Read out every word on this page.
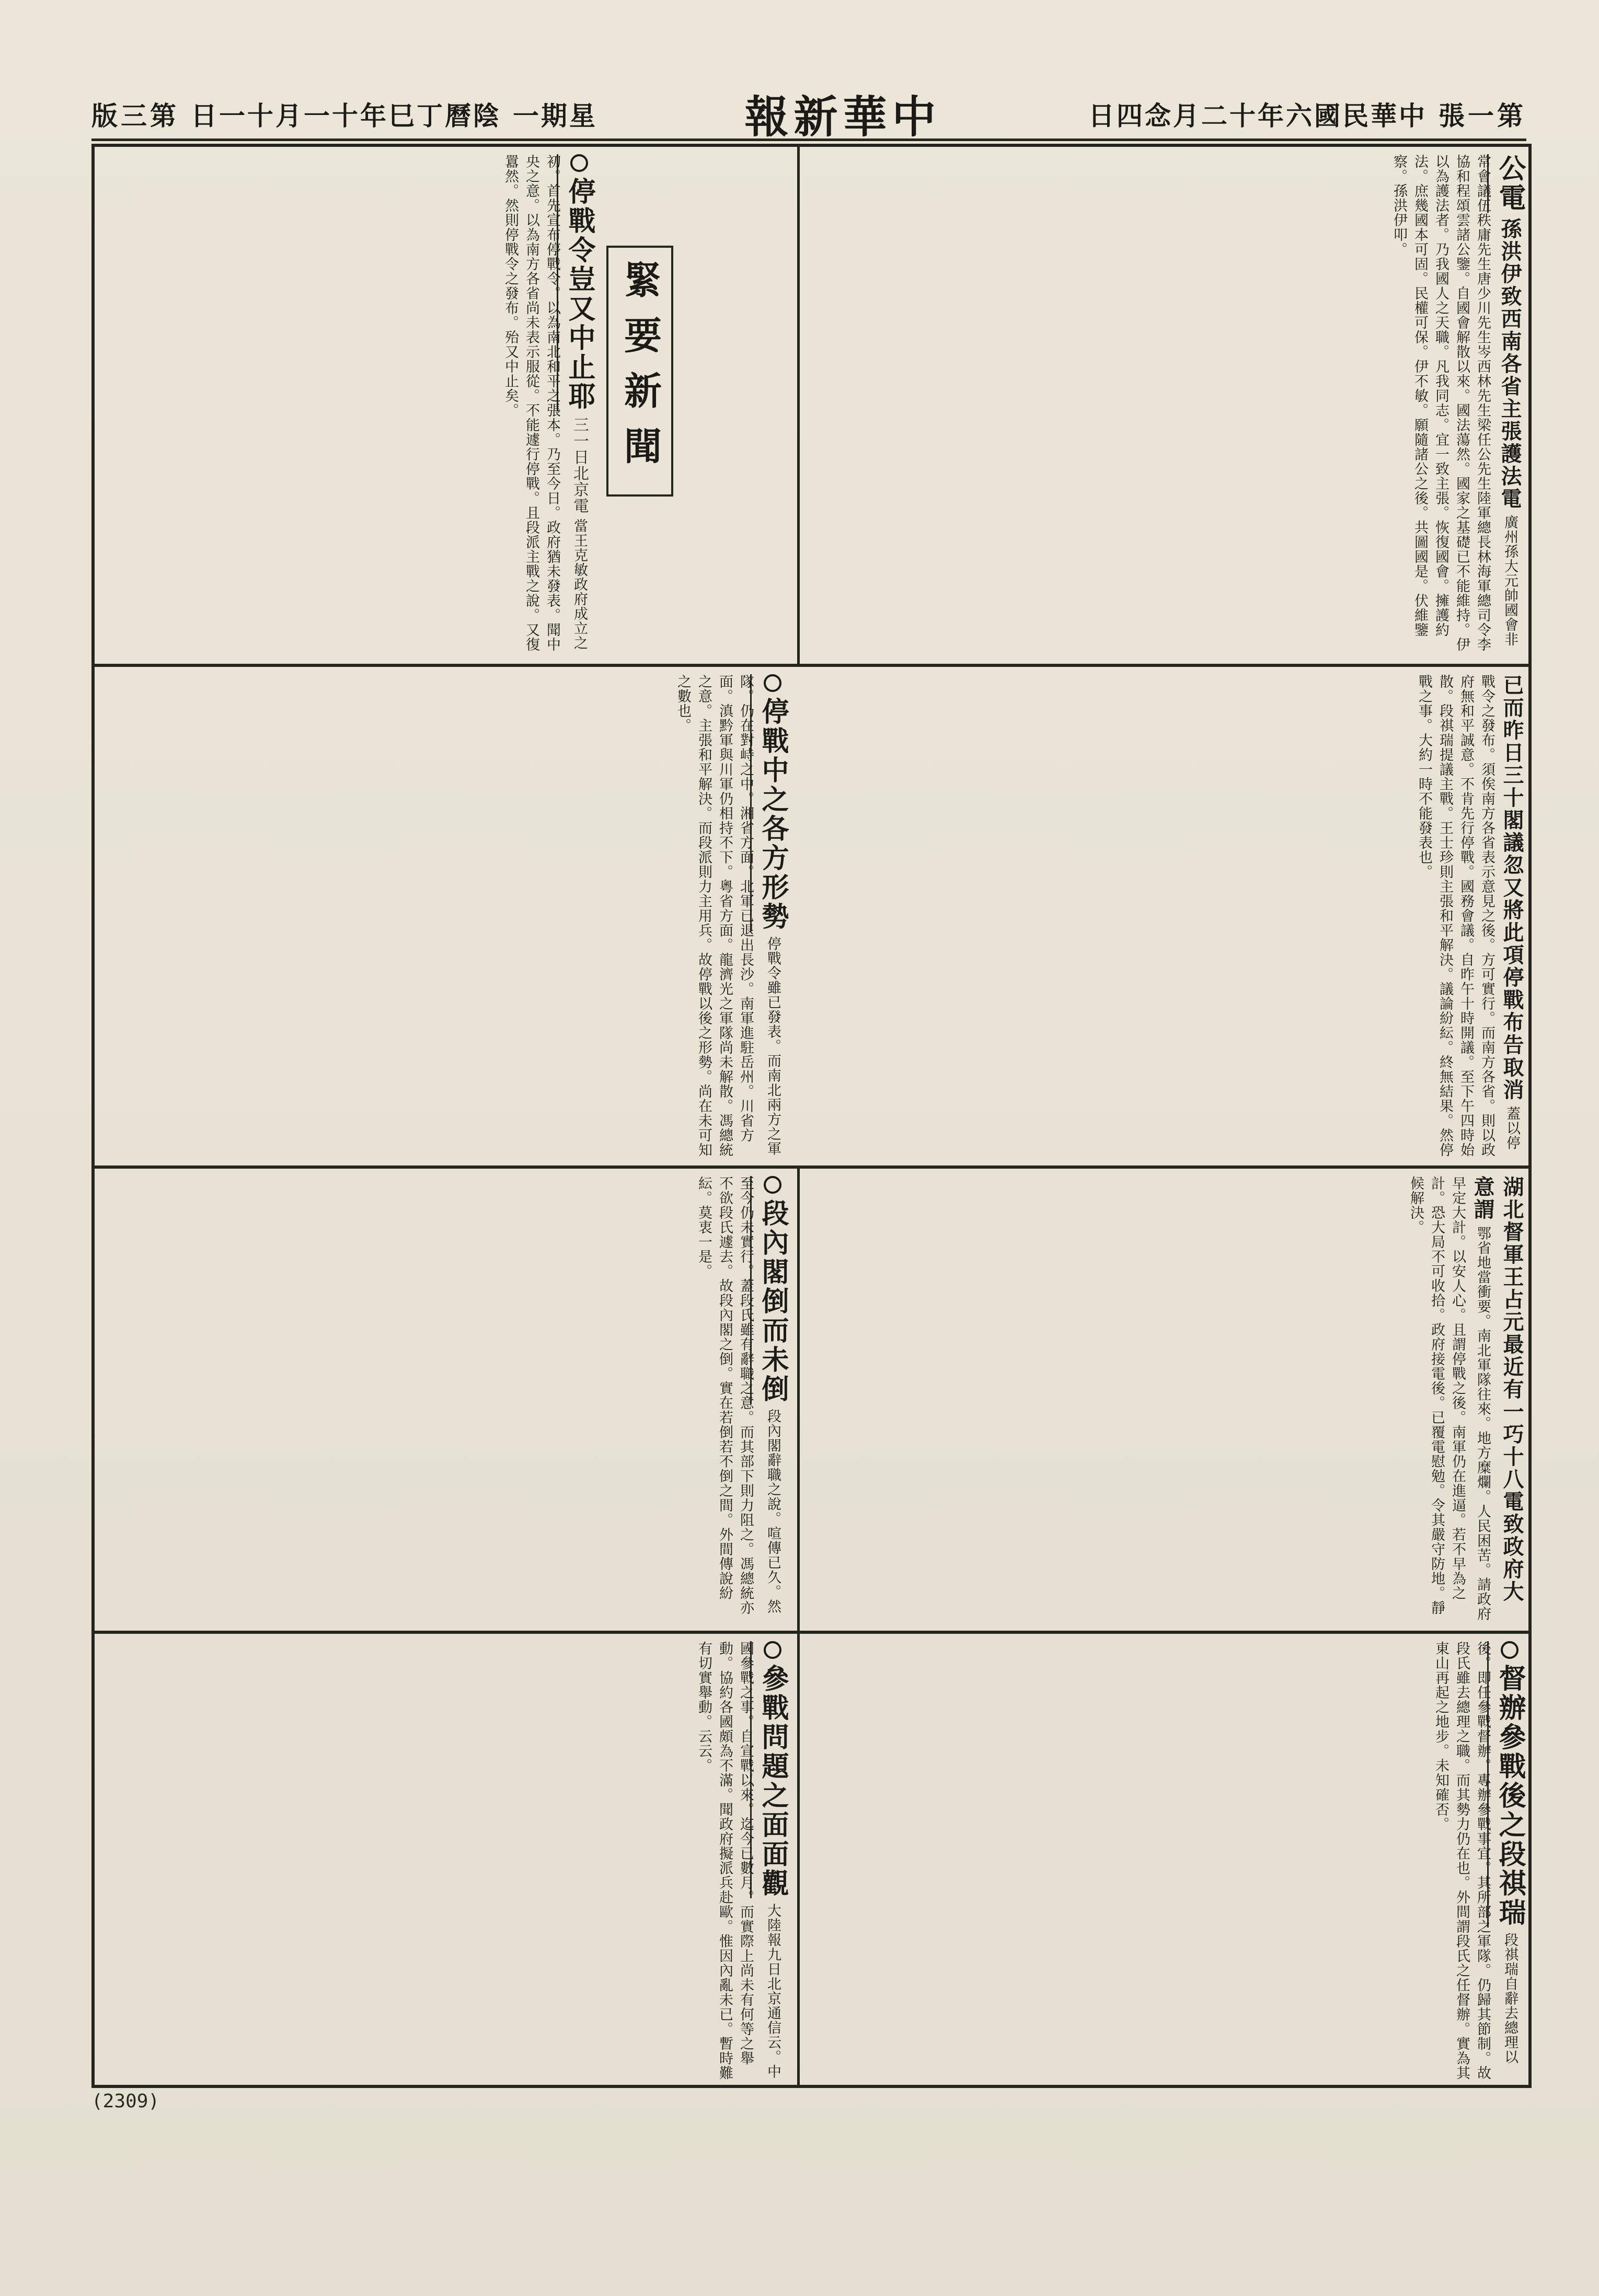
版三第 日一十月一十年巳丁曆陰 一期星	報新華中	日四念月二十年六國民華中 張一第
公電 孫洪伊致西南各省主張護法電 廣州孫大元帥國會非常會議伍秩庸先生唐少川先生岑西林先生梁任公先生陸軍總長林海軍總司令李協和程頌雲諸公鑒。自國會解散以來。國法蕩然。國家之基礎已不能維持。伊以為護法者。乃我國人之天職。凡我同志。宜一致主張。恢復國會。擁護約法。庶幾國本可固。民權可保。伊不敏。願隨諸公之後。共圖國是。伏維鑒察。孫洪伊叩。
緊要新聞
停戰令豈又中止耶 三一日北京電 當王克敏政府成立之初。首先宣布停戰令。以為南北和平之張本。乃至今日。政府猶未發表。聞中央之意。以為南方各省尚未表示服從。不能遽行停戰。且段派主戰之說。又復囂然。然則停戰令之發布。殆又中止矣。
已而昨日三十閣議忽又將此項停戰布告取消 蓋以停戰令之發布。須俟南方各省表示意見之後。方可實行。而南方各省。則以政府無和平誠意。不肯先行停戰。國務會議。自昨午十時開議。至下午四時始散。段祺瑞提議主戰。王士珍則主張和平解決。議論紛紜。終無結果。然停戰之事。大約一時不能發表也。
停戰中之各方形勢 停戰令雖已發表。而南北兩方之軍隊。仍在對峙之中。湘省方面。北軍已退出長沙。南軍進駐岳州。川省方面。滇黔軍與川軍仍相持不下。粵省方面。龍濟光之軍隊尚未解散。馮總統之意。主張和平解決。而段派則力主用兵。故停戰以後之形勢。尚在未可知之數也。
湖北督軍王占元最近有一巧十八電致政府大意謂 鄂省地當衝要。南北軍隊往來。地方糜爛。人民困苦。請政府早定大計。以安人心。且謂停戰之後。南軍仍在進逼。若不早為之計。恐大局不可收拾。政府接電後。已覆電慰勉。令其嚴守防地。靜候解決。
段內閣倒而未倒 段內閣辭職之說。喧傳已久。然至今仍未實行。蓋段氏雖有辭職之意。而其部下則力阻之。馮總統亦不欲段氏遽去。故段內閣之倒。實在若倒若不倒之間。外間傳說紛紜。莫衷一是。
督辦參戰後之段祺瑞 段祺瑞自辭去總理以後。即任參戰督辦。專辦參戰事宜。其所部之軍隊。仍歸其節制。故段氏雖去總理之職。而其勢力仍在也。外間謂段氏之任督辦。實為其東山再起之地步。未知確否。
參戰問題之面面觀 大陸報九日北京通信云。中國參戰之事。自宣戰以來。迄今已數月。而實際上尚未有何等之舉動。協約各國頗為不滿。聞政府擬派兵赴歐。惟因內亂未已。暫時難有切實舉動。云云。
(2309)
